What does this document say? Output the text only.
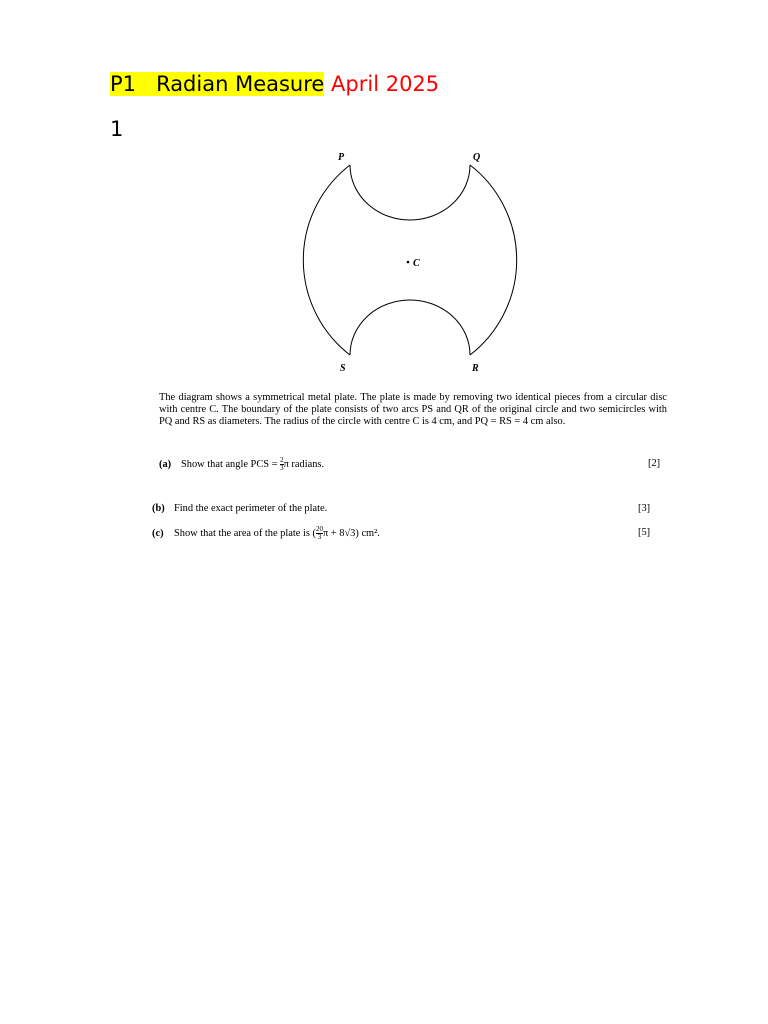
P1 Radian Measure April 2025
1
P	Q
C
S	R
The diagram shows a symmetrical metal plate. The plate is made by removing two identical pieces from a circular disc with centre C. The boundary of the plate consists of two arcs PS and QR of the original circle and two semicircles with PQ and RS as diameters. The radius of the circle with centre C is 4 cm, and PQ = RS = 4 cm also.
(a) Show that angle PCS = $\frac{2}{3}$ π radians.	[2]
(b) Find the exact perimeter of the plate.	[3]
(c) Show that the area of the plate is ( $\frac{20}{3}$ π + 8√3) cm².	[5]
